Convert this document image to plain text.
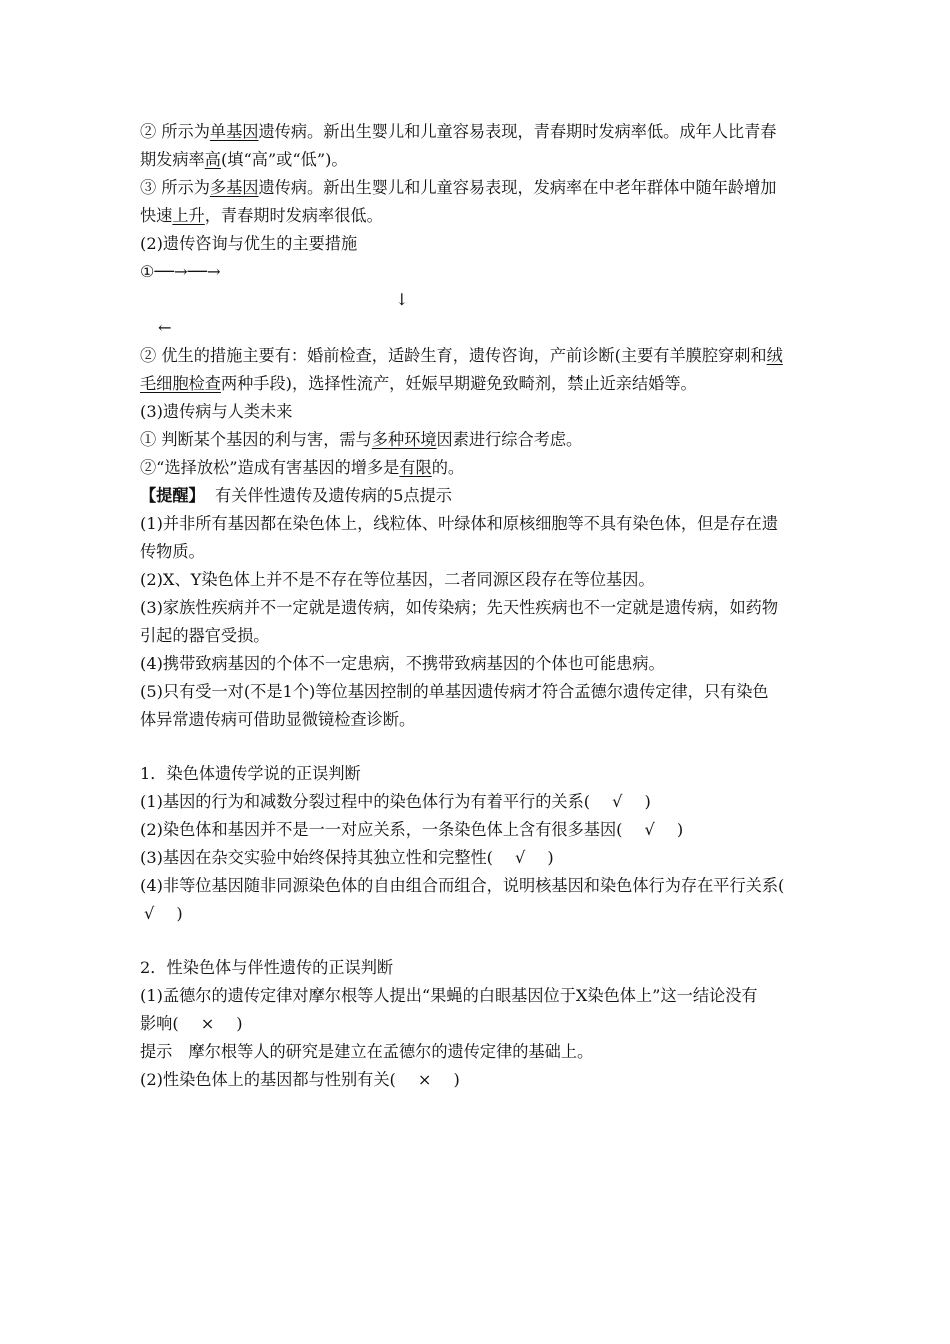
② 所示为单基因遗传病。新出生婴儿和儿童容易表现，青春期时发病率低。成年人比青春

期发病率高(填“高”或“低”)。

③ 所示为多基因遗传病。新出生婴儿和儿童容易表现，发病率在中老年群体中随年龄增加

快速上升，青春期时发病率很低。

(2)遗传咨询与优生的主要措施

①──→──→

↓
←

② 优生的措施主要有：婚前检查，适龄生育，遗传咨询，产前诊断(主要有羊膜腔穿刺和绒

毛细胞检查两种手段)，选择性流产，妊娠早期避免致畸剂，禁止近亲结婚等。

(3)遗传病与人类未来

① 判断某个基因的利与害，需与多种环境因素进行综合考虑。

②“选择放松”造成有害基因的增多是有限的。

【提醒】 有关伴性遗传及遗传病的5点提示

(1)并非所有基因都在染色体上，线粒体、叶绿体和原核细胞等不具有染色体，但是存在遗

传物质。

(2)X、Y染色体上并不是不存在等位基因，二者同源区段存在等位基因。

(3)家族性疾病并不一定就是遗传病，如传染病；先天性疾病也不一定就是遗传病，如药物

引起的器官受损。

(4)携带致病基因的个体不一定患病，不携带致病基因的个体也可能患病。

(5)只有受一对(不是1个)等位基因控制的单基因遗传病才符合孟德尔遗传定律，只有染色

体异常遗传病可借助显微镜检查诊断。

1．染色体遗传学说的正误判断

(1)基因的行为和减数分裂过程中的染色体行为有着平行的关系( √ )

(2)染色体和基因并不是一一对应关系，一条染色体上含有很多基因( √ )

(3)基因在杂交实验中始终保持其独立性和完整性( √ )

(4)非等位基因随非同源染色体的自由组合而组合，说明核基因和染色体行为存在平行关系(

√ )

2．性染色体与伴性遗传的正误判断

(1)孟德尔的遗传定律对摩尔根等人提出“果蝇的白眼基因位于X染色体上”这一结论没有

影响( × )

提示　摩尔根等人的研究是建立在孟德尔的遗传定律的基础上。

(2)性染色体上的基因都与性别有关( × )
